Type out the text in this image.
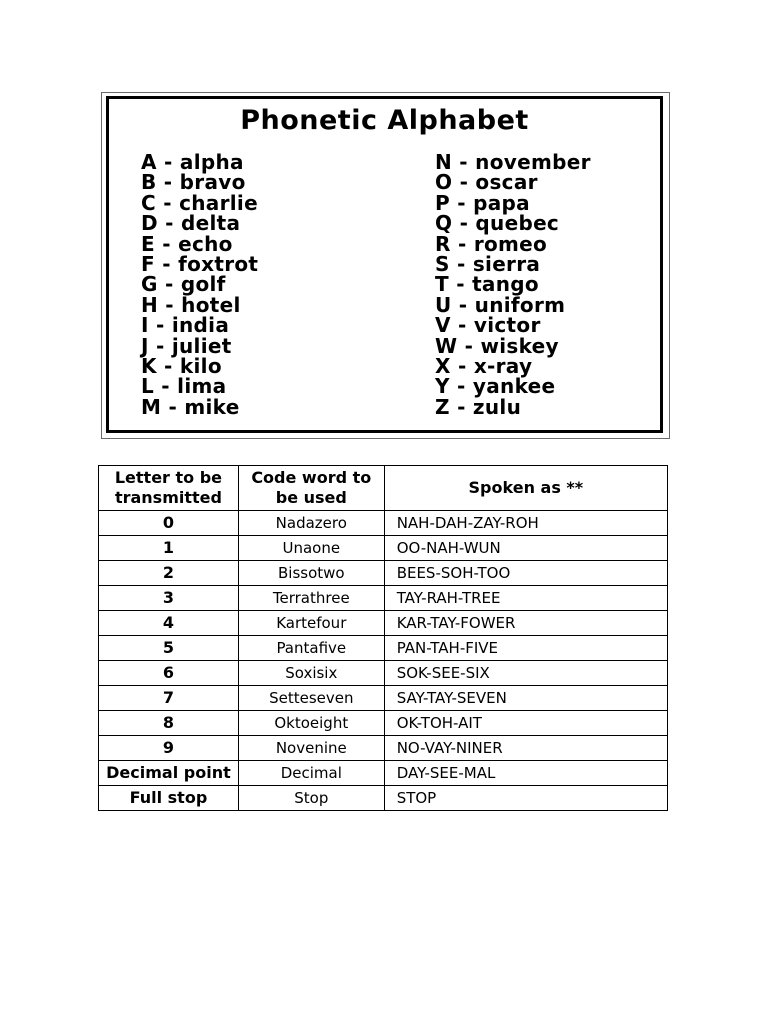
Phonetic Alphabet
A - alpha
B - bravo
C - charlie
D - delta
E - echo
F - foxtrot
G - golf
H - hotel
I - india
J - juliet
K - kilo
L - lima
M - mike
N - november
O - oscar
P - papa
Q - quebec
R - romeo
S - sierra
T - tango
U - uniform
V - victor
W - wiskey
X - x-ray
Y - yankee
Z - zulu
Letter to be transmitted	Code word to be used	Spoken as **
0	Nadazero	NAH-DAH-ZAY-ROH
1	Unaone	OO-NAH-WUN
2	Bissotwo	BEES-SOH-TOO
3	Terrathree	TAY-RAH-TREE
4	Kartefour	KAR-TAY-FOWER
5	Pantafive	PAN-TAH-FIVE
6	Soxisix	SOK-SEE-SIX
7	Setteseven	SAY-TAY-SEVEN
8	Oktoeight	OK-TOH-AIT
9	Novenine	NO-VAY-NINER
Decimal point	Decimal	DAY-SEE-MAL
Full stop	Stop	STOP
